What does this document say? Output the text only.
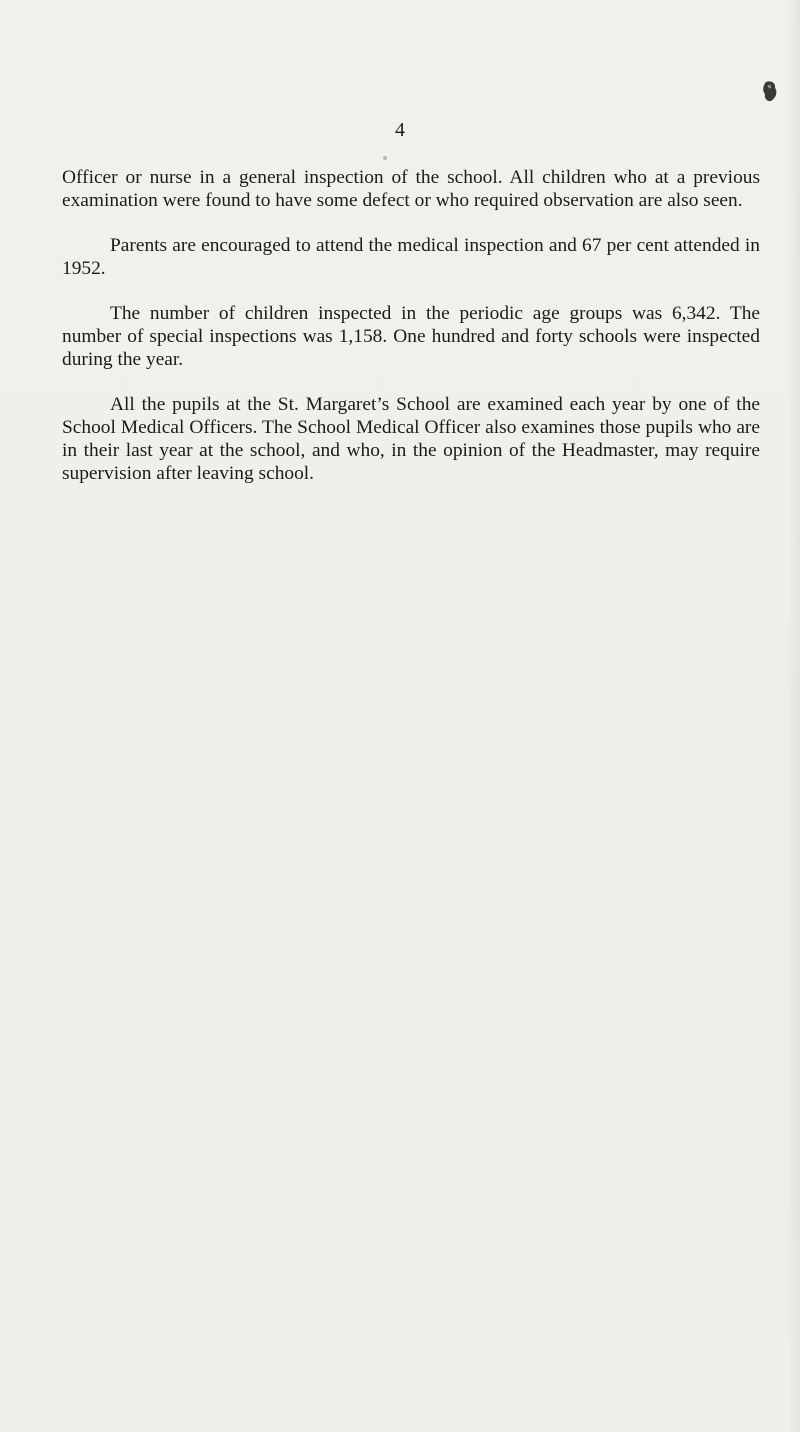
4

Officer or nurse in a general inspection of the school. All children who at a previous examination were found to have some defect or who required observation are also seen.

Parents are encouraged to attend the medical inspection and 67 per cent attended in 1952.

The number of children inspected in the periodic age groups was 6,342. The number of special inspections was 1,158. One hundred and forty schools were inspected during the year.

All the pupils at the St. Margaret’s School are examined each year by one of the School Medical Officers. The School Medical Officer also examines those pupils who are in their last year at the school, and who, in the opinion of the Headmaster, may require supervision after leaving school.
